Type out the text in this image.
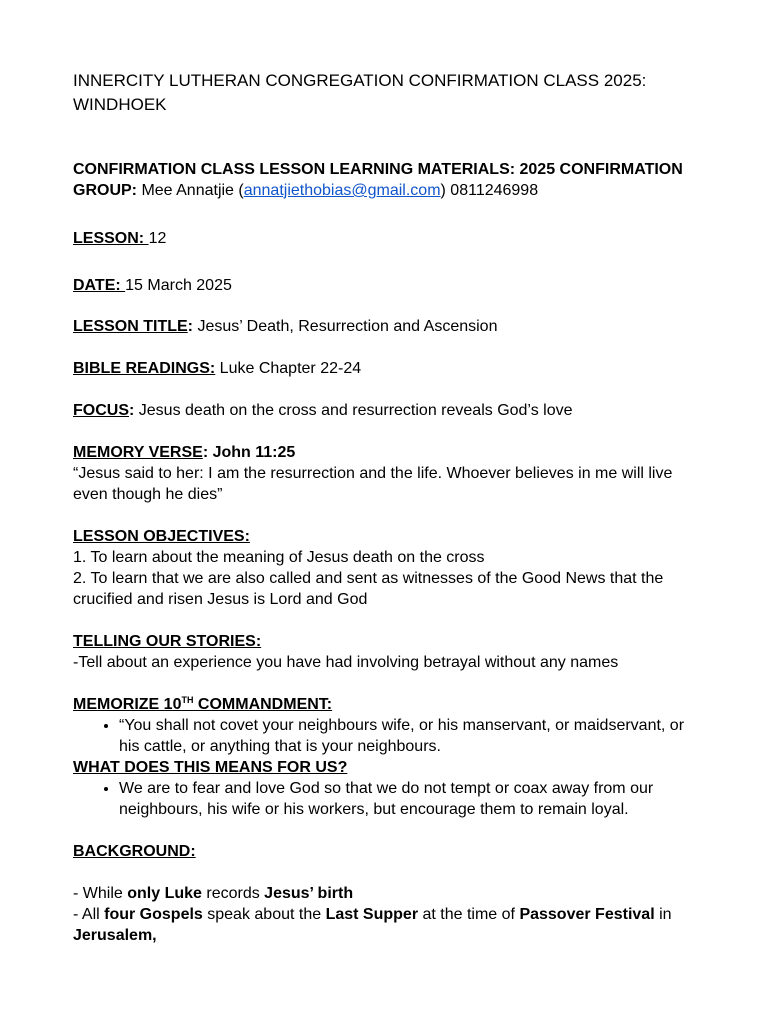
INNERCITY LUTHERAN CONGREGATION CONFIRMATION CLASS 2025: WINDHOEK

CONFIRMATION CLASS LESSON LEARNING MATERIALS: 2025 CONFIRMATION GROUP: Mee Annatjie (annatjiethobias@gmail.com) 0811246998

LESSON: 12

DATE: 15 March 2025

LESSON TITLE: Jesus’ Death, Resurrection and Ascension

BIBLE READINGS: Luke Chapter 22-24

FOCUS: Jesus death on the cross and resurrection reveals God’s love

MEMORY VERSE: John 11:25
“Jesus said to her: I am the resurrection and the life. Whoever believes in me will live even though he dies”
LESSON OBJECTIVES:
1. To learn about the meaning of Jesus death on the cross
2. To learn that we are also called and sent as witnesses of the Good News that the crucified and risen Jesus is Lord and God
TELLING OUR STORIES:
-Tell about an experience you have had involving betrayal without any names
MEMORIZE 10TH COMMANDMENT:
• “You shall not covet your neighbours wife, or his manservant, or maidservant, or his cattle, or anything that is your neighbours.
WHAT DOES THIS MEANS FOR US?
• We are to fear and love God so that we do not tempt or coax away from our neighbours, his wife or his workers, but encourage them to remain loyal.
BACKGROUND:
- While only Luke records Jesus’ birth
- All four Gospels speak about the Last Supper at the time of Passover Festival in Jerusalem,
